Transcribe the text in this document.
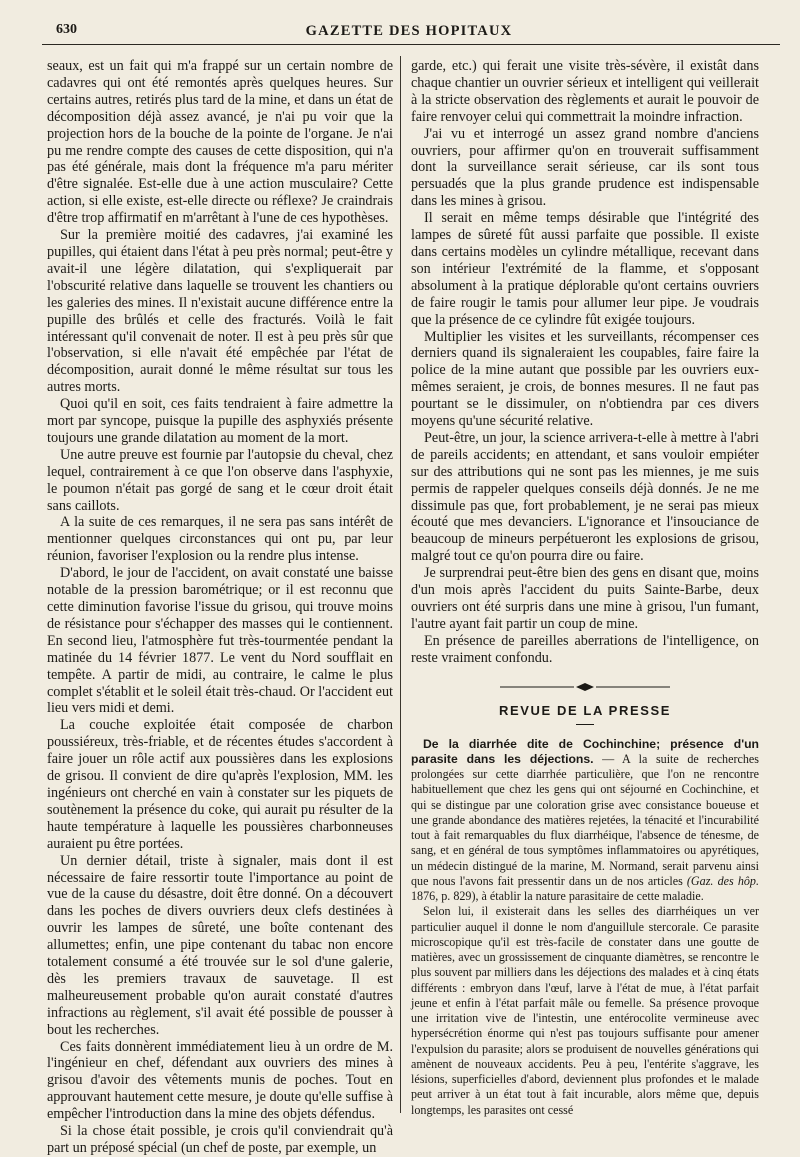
630	GAZETTE DES HOPITAUX

seaux, est un fait qui m'a frappé sur un certain nombre de cadavres qui ont été remontés après quelques heures. Sur certains autres, retirés plus tard de la mine, et dans un état de décomposition déjà assez avancé, je n'ai pu voir que la projection hors de la bouche de la pointe de l'organe. Je n'ai pu me rendre compte des causes de cette disposition, qui n'a pas été générale, mais dont la fréquence m'a paru mériter d'être signalée. Est-elle due à une action musculaire? Cette action, si elle existe, est-elle directe ou réflexe? Je craindrais d'être trop affirmatif en m'arrêtant à l'une de ces hypothèses.

Sur la première moitié des cadavres, j'ai examiné les pupilles, qui étaient dans l'état à peu près normal; peut-être y avait-il une légère dilatation, qui s'expliquerait par l'obscurité relative dans laquelle se trouvent les chantiers ou les galeries des mines. Il n'existait aucune différence entre la pupille des brûlés et celle des fracturés. Voilà le fait intéressant qu'il convenait de noter. Il est à peu près sûr que l'observation, si elle n'avait été empêchée par l'état de décomposition, aurait donné le même résultat sur tous les autres morts.

Quoi qu'il en soit, ces faits tendraient à faire admettre la mort par syncope, puisque la pupille des asphyxiés présente toujours une grande dilatation au moment de la mort.

Une autre preuve est fournie par l'autopsie du cheval, chez lequel, contrairement à ce que l'on observe dans l'asphyxie, le poumon n'était pas gorgé de sang et le cœur droit était sans caillots.

A la suite de ces remarques, il ne sera pas sans intérêt de mentionner quelques circonstances qui ont pu, par leur réunion, favoriser l'explosion ou la rendre plus intense.

D'abord, le jour de l'accident, on avait constaté une baisse notable de la pression barométrique; or il est reconnu que cette diminution favorise l'issue du grisou, qui trouve moins de résistance pour s'échapper des masses qui le contiennent. En second lieu, l'atmosphère fut très-tourmentée pendant la matinée du 14 février 1877. Le vent du Nord soufflait en tempête. A partir de midi, au contraire, le calme le plus complet s'établit et le soleil était très-chaud. Or l'accident eut lieu vers midi et demi.

La couche exploitée était composée de charbon poussiéreux, très-friable, et de récentes études s'accordent à faire jouer un rôle actif aux poussières dans les explosions de grisou. Il convient de dire qu'après l'explosion, MM. les ingénieurs ont cherché en vain à constater sur les piquets de soutènement la présence du coke, qui aurait pu résulter de la haute température à laquelle les poussières charbonneuses auraient pu être portées.

Un dernier détail, triste à signaler, mais dont il est nécessaire de faire ressortir toute l'importance au point de vue de la cause du désastre, doit être donné. On a découvert dans les poches de divers ouvriers deux clefs destinées à ouvrir les lampes de sûreté, une boîte contenant des allumettes; enfin, une pipe contenant du tabac non encore totalement consumé a été trouvée sur le sol d'une galerie, dès les premiers travaux de sauvetage. Il est malheureusement probable qu'on aurait constaté d'autres infractions au règlement, s'il avait été possible de pousser à bout les recherches.

Ces faits donnèrent immédiatement lieu à un ordre de M. l'ingénieur en chef, défendant aux ouvriers des mines à grisou d'avoir des vêtements munis de poches. Tout en approuvant hautement cette mesure, je doute qu'elle suffise à empêcher l'introduction dans la mine des objets défendus.

Si la chose était possible, je crois qu'il conviendrait qu'à part un préposé spécial (un chef de poste, par exemple, un

garde, etc.) qui ferait une visite très-sévère, il existât dans chaque chantier un ouvrier sérieux et intelligent qui veillerait à la stricte observation des règlements et aurait le pouvoir de faire renvoyer celui qui commettrait la moindre infraction.

J'ai vu et interrogé un assez grand nombre d'anciens ouvriers, pour affirmer qu'on en trouverait suffisamment dont la surveillance serait sérieuse, car ils sont tous persuadés que la plus grande prudence est indispensable dans les mines à grisou.

Il serait en même temps désirable que l'intégrité des lampes de sûreté fût aussi parfaite que possible. Il existe dans certains modèles un cylindre métallique, recevant dans son intérieur l'extrémité de la flamme, et s'opposant absolument à la pratique déplorable qu'ont certains ouvriers de faire rougir le tamis pour allumer leur pipe. Je voudrais que la présence de ce cylindre fût exigée toujours.

Multiplier les visites et les surveillants, récompenser ces derniers quand ils signaleraient les coupables, faire faire la police de la mine autant que possible par les ouvriers eux-mêmes seraient, je crois, de bonnes mesures. Il ne faut pas pourtant se le dissimuler, on n'obtiendra par ces divers moyens qu'une sécurité relative.

Peut-être, un jour, la science arrivera-t-elle à mettre à l'abri de pareils accidents; en attendant, et sans vouloir empiéter sur des attributions qui ne sont pas les miennes, je me suis permis de rappeler quelques conseils déjà donnés. Je ne me dissimule pas que, fort probablement, je ne serai pas mieux écouté que mes devanciers. L'ignorance et l'insouciance de beaucoup de mineurs perpétueront les explosions de grisou, malgré tout ce qu'on pourra dire ou faire.

Je surprendrai peut-être bien des gens en disant que, moins d'un mois après l'accident du puits Sainte-Barbe, deux ouvriers ont été surpris dans une mine à grisou, l'un fumant, l'autre ayant fait partir un coup de mine.

En présence de pareilles aberrations de l'intelligence, on reste vraiment confondu.

REVUE DE LA PRESSE

De la diarrhée dite de Cochinchine; présence d'un parasite dans les déjections. — A la suite de recherches prolongées sur cette diarrhée particulière, que l'on ne rencontre habituellement que chez les gens qui ont séjourné en Cochinchine, et qui se distingue par une coloration grise avec consistance boueuse et une grande abondance des matières rejetées, la ténacité et l'incurabilité tout à fait remarquables du flux diarrhéique, l'absence de ténesme, de sang, et en général de tous symptômes inflammatoires ou apyrétiques, un médecin distingué de la marine, M. Normand, serait parvenu ainsi que nous l'avons fait pressentir dans un de nos articles (Gaz. des hôp. 1876, p. 829), à établir la nature parasitaire de cette maladie.

Selon lui, il existerait dans les selles des diarrhéiques un ver particulier auquel il donne le nom d'anguillule stercorale. Ce parasite microscopique qu'il est très-facile de constater dans une goutte de matières, avec un grossissement de cinquante diamètres, se rencontre le plus souvent par milliers dans les déjections des malades et à cinq états différents : embryon dans l'œuf, larve à l'état de mue, à l'état parfait jeune et enfin à l'état parfait mâle ou femelle. Sa présence provoque une irritation vive de l'intestin, une entérocolite vermineuse avec hypersécrétion énorme qui n'est pas toujours suffisante pour amener l'expulsion du parasite; alors se produisent de nouvelles générations qui amènent de nouveaux accidents. Peu à peu, l'entérite s'aggrave, les lésions, superficielles d'abord, deviennent plus profondes et le malade peut arriver à un état tout à fait incurable, alors même que, depuis longtemps, les parasites ont cessé
